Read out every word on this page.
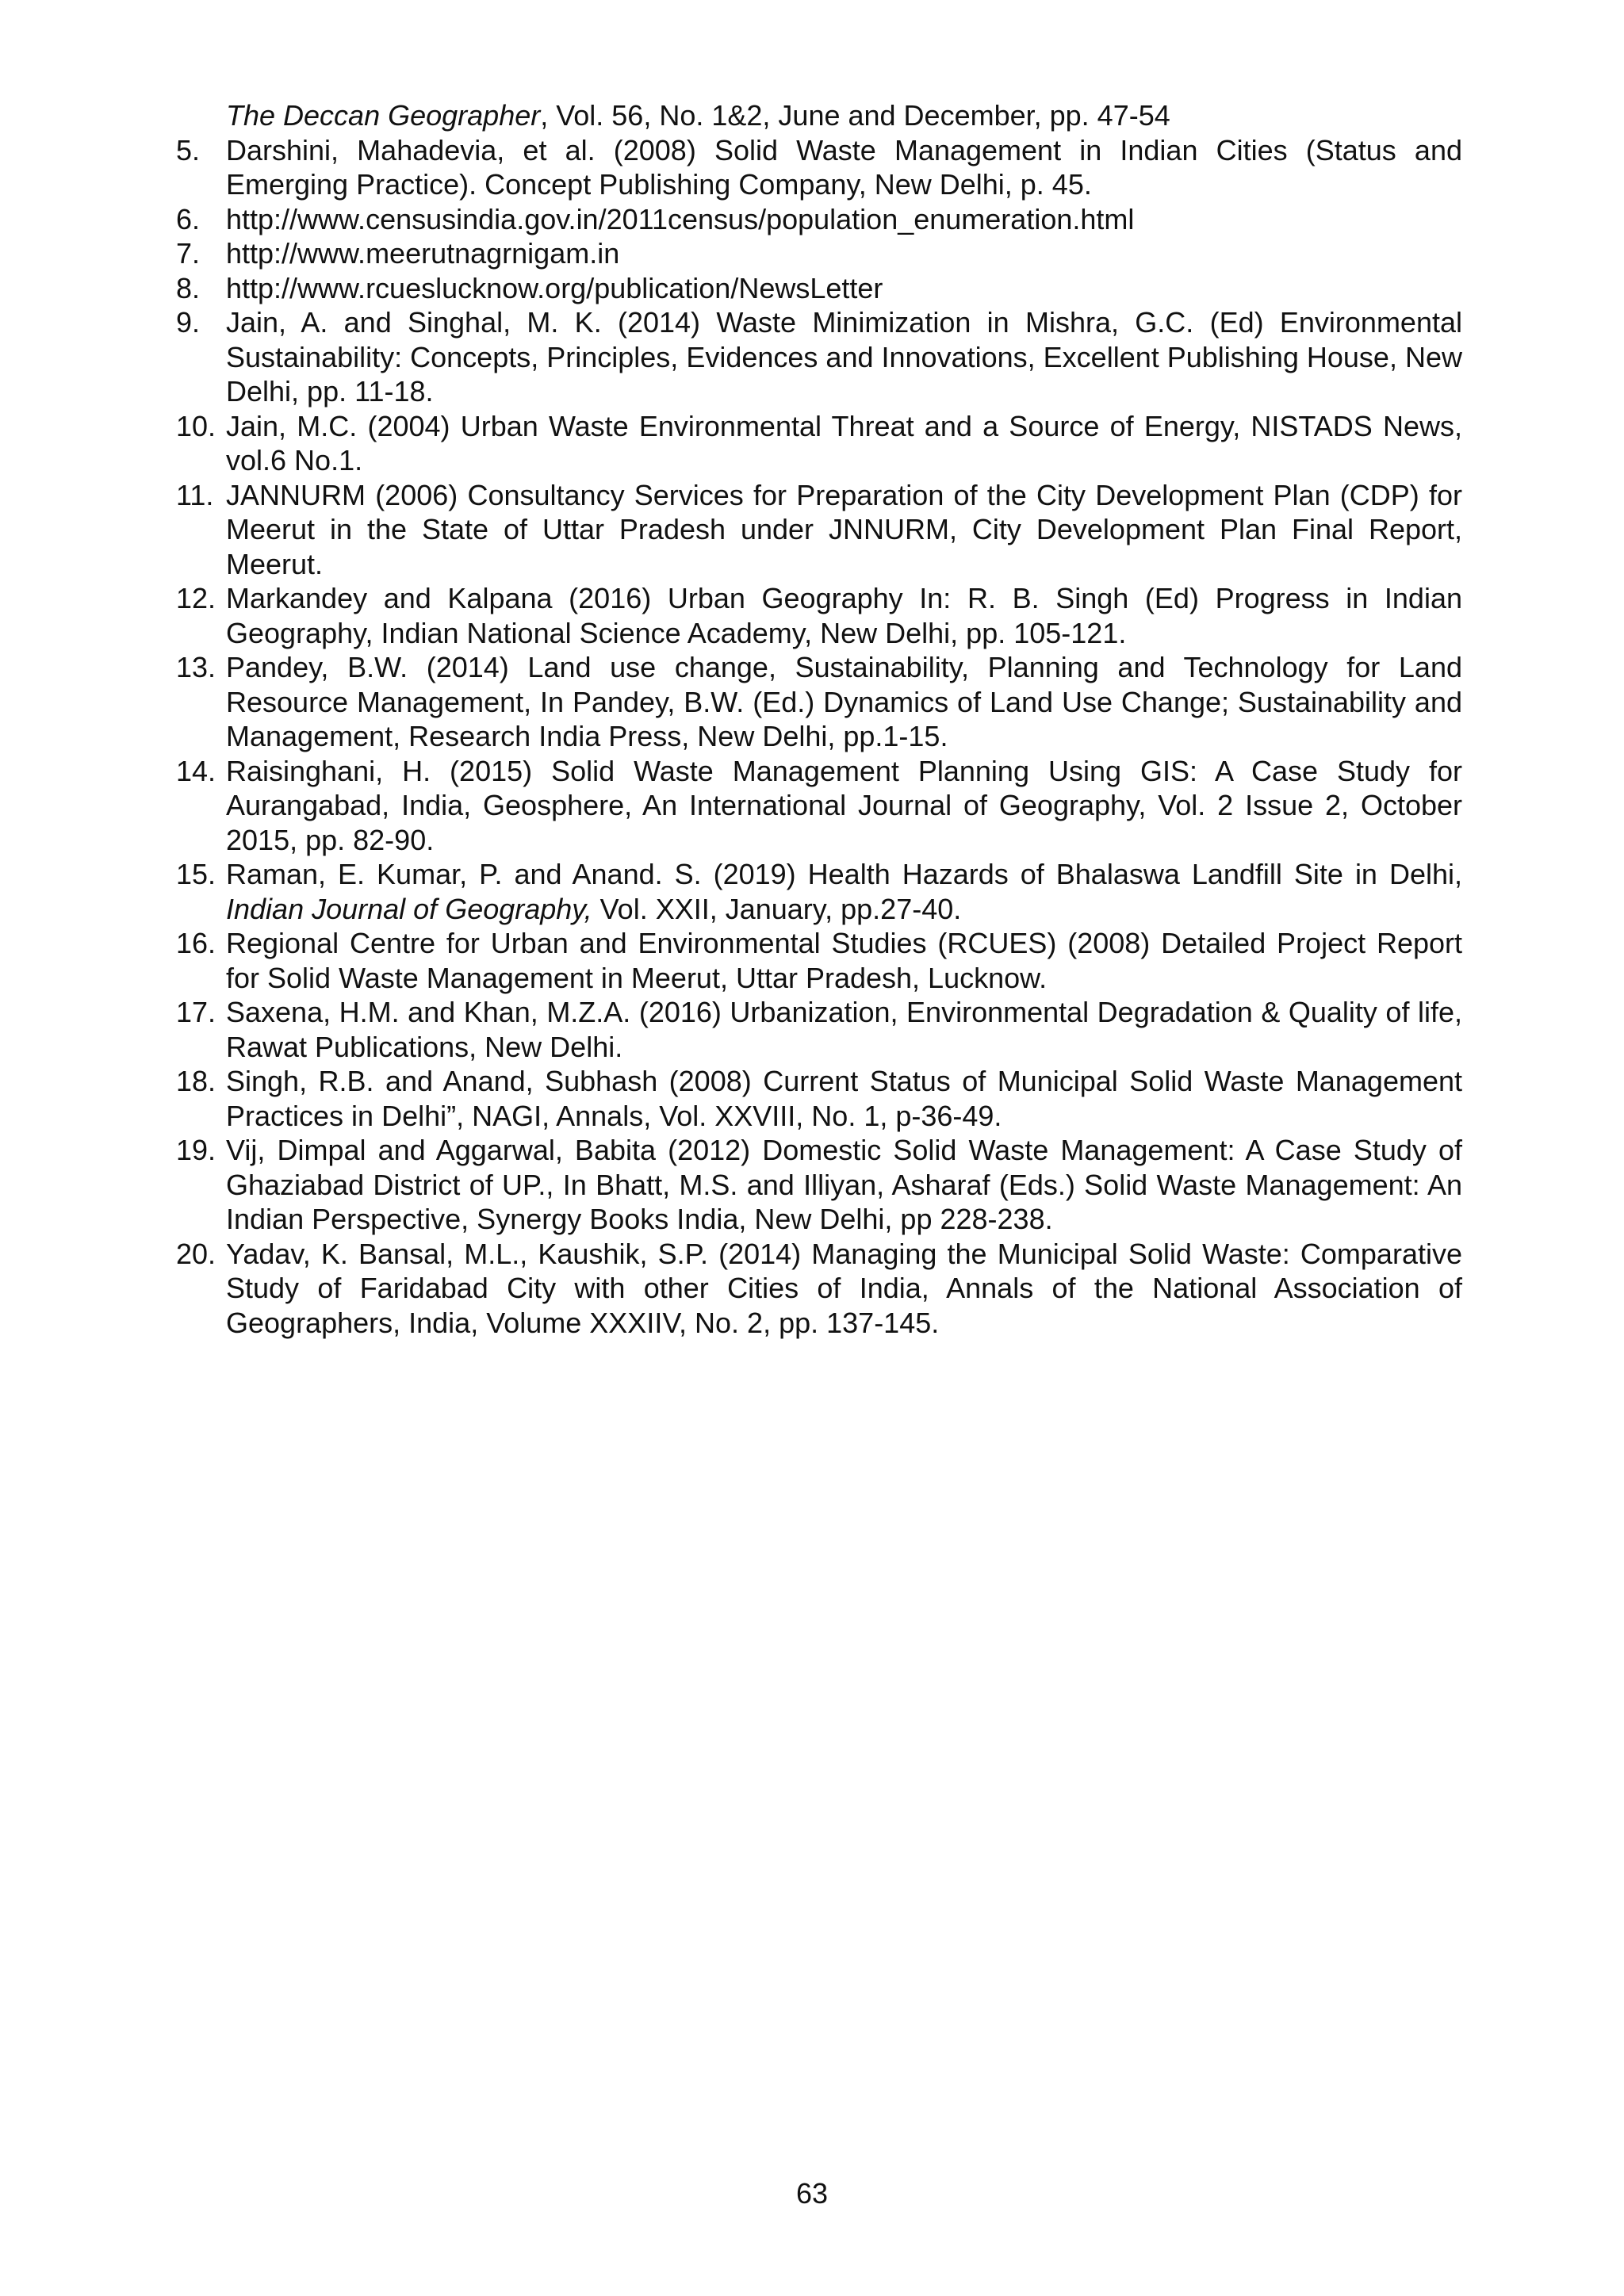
The Deccan Geographer, Vol. 56, No. 1&2, June and December, pp. 47-54
5. Darshini, Mahadevia, et al. (2008) Solid Waste Management in Indian Cities (Status and Emerging Practice). Concept Publishing Company, New Delhi, p. 45.
6. http://www.censusindia.gov.in/2011census/population_enumeration.html
7. http://www.meerutnagrnigam.in
8. http://www.rcueslucknow.org/publication/NewsLetter
9. Jain, A. and Singhal, M. K. (2014) Waste Minimization in Mishra, G.C. (Ed) Environmental Sustainability: Concepts, Principles, Evidences and Innovations, Excellent Publishing House, New Delhi, pp. 11-18.
10. Jain, M.C. (2004) Urban Waste Environmental Threat and a Source of Energy, NISTADS News, vol.6 No.1.
11. JANNURM (2006) Consultancy Services for Preparation of the City Development Plan (CDP) for Meerut in the State of Uttar Pradesh under JNNURM, City Development Plan Final Report, Meerut.
12. Markandey and Kalpana (2016) Urban Geography In: R. B. Singh (Ed) Progress in Indian Geography, Indian National Science Academy, New Delhi, pp. 105-121.
13. Pandey, B.W. (2014) Land use change, Sustainability, Planning and Technology for Land Resource Management, In Pandey, B.W. (Ed.) Dynamics of Land Use Change; Sustainability and Management, Research India Press, New Delhi, pp.1-15.
14. Raisinghani, H. (2015) Solid Waste Management Planning Using GIS: A Case Study for Aurangabad, India, Geosphere, An International Journal of Geography, Vol. 2 Issue 2, October 2015, pp. 82-90.
15. Raman, E. Kumar, P. and Anand. S. (2019) Health Hazards of Bhalaswa Landfill Site in Delhi, Indian Journal of Geography, Vol. XXII, January, pp.27-40.
16. Regional Centre for Urban and Environmental Studies (RCUES) (2008) Detailed Project Report for Solid Waste Management in Meerut, Uttar Pradesh, Lucknow.
17. Saxena, H.M. and Khan, M.Z.A. (2016) Urbanization, Environmental Degradation & Quality of life, Rawat Publications, New Delhi.
18. Singh, R.B. and Anand, Subhash (2008) Current Status of Municipal Solid Waste Management Practices in Delhi”, NAGI, Annals, Vol. XXVIII, No. 1, p-36-49.
19. Vij, Dimpal and Aggarwal, Babita (2012) Domestic Solid Waste Management: A Case Study of Ghaziabad District of UP., In Bhatt, M.S. and Illiyan, Asharaf (Eds.) Solid Waste Management: An Indian Perspective, Synergy Books India, New Delhi, pp 228-238.
20. Yadav, K. Bansal, M.L., Kaushik, S.P. (2014) Managing the Municipal Solid Waste: Comparative Study of Faridabad City with other Cities of India, Annals of the National Association of Geographers, India, Volume XXXIIV, No. 2, pp. 137-145.
63
